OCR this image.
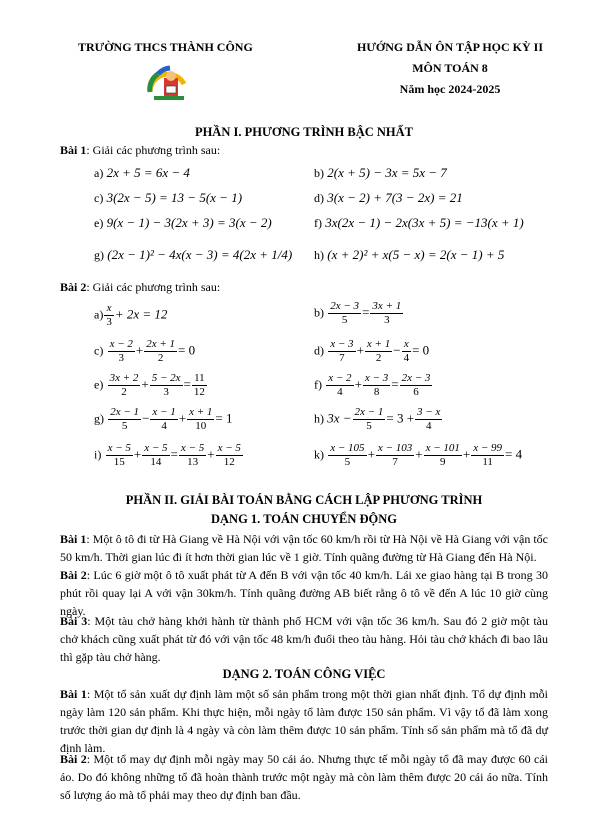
TRƯỜNG THCS THÀNH CÔNG	HƯỚNG DẪN ÔN TẬP HỌC KỲ II
MÔN TOÁN 8
Năm học 2024-2025
PHẦN I. PHƯƠNG TRÌNH BẬC NHẤT
Bài 1: Giải các phương trình sau:
a) 2x + 5 = 6x − 4	b) 2(x + 5) − 3x = 5x − 7
c) 3(2x − 5) = 13 − 5(x − 1)	d) 3(x − 2) + 7(3 − 2x) = 21
e) 9(x − 1) − 3(2x + 3) = 3(x − 2)	f) 3x(2x − 1) − 2x(3x + 5) = −13(x + 1)
g) (2x − 1)² − 4x(x − 3) = 4(2x + 1/4) h) (x + 2)² + x(5 − x) = 2(x − 1) + 5
Bài 2: Giải các phương trình sau:
$a) \frac{x}{3} + 2x = 12$	$b) \frac{2x - 3}{5} = \frac{3x + 1}{3}$
$c) \frac{x - 2}{3} + \frac{2x + 1}{2} = 0$	$d) \frac{x - 3}{7} + \frac{x + 1}{2} - \frac{x}{4} = 0$
$e) \frac{3x + 2}{2} + \frac{5 - 2x}{3} = \frac{11}{12}$	$f) \frac{x - 2}{4} + \frac{x - 3}{8} = \frac{2x - 3}{6}$
$g) \frac{2x - 1}{5} - \frac{x - 1}{4} + \frac{x + 1}{10} = 1$	h) $3x - \frac{2x - 1}{5} = 3 + \frac{3 - x}{4}$
$i) \frac{x - 5}{15} + \frac{x - 5}{14} = \frac{x - 5}{13} + \frac{x - 5}{12}$	$k) \frac{x - 105}{5} + \frac{x - 103}{7} + \frac{x - 101}{9} + \frac{x - 99}{11} = 4$
PHẦN II. GIẢI BÀI TOÁN BẰNG CÁCH LẬP PHƯƠNG TRÌNH
DẠNG 1. TOÁN CHUYỂN ĐỘNG
Bài 1: Một ô tô đi từ Hà Giang về Hà Nội với vận tốc 60 km/h rồi từ Hà Nội về Hà Giang với vận tốc 50 km/h. Thời gian lúc đi ít hơn thời gian lúc về 1 giờ. Tính quãng đường từ Hà Giang đến Hà Nội.
Bài 2: Lúc 6 giờ một ô tô xuất phát từ A đến B với vận tốc 40 km/h. Lái xe giao hàng tại B trong 30 phút rồi quay lại A với vận 30km/h. Tính quãng đường AB biết rằng ô tô về đến A lúc 10 giờ cùng ngày.
Bài 3: Một tàu chở hàng khởi hành từ thành phố HCM với vận tốc 36 km/h. Sau đó 2 giờ một tàu chở khách cũng xuất phát từ đó với vận tốc 48 km/h đuổi theo tàu hàng. Hỏi tàu chở khách đi bao lâu thì gặp tàu chở hàng.
DẠNG 2. TOÁN CÔNG VIỆC
Bài 1: Một tổ sản xuất dự định làm một số sản phẩm trong một thời gian nhất định. Tổ dự định mỗi ngày làm 120 sản phẩm. Khi thực hiện, mỗi ngày tổ làm được 150 sản phẩm. Vì vậy tổ đã làm xong trước thời gian dự định là 4 ngày và còn làm thêm được 10 sản phẩm. Tính số sản phẩm mà tổ đã dự định làm.
Bài 2: Một tổ may dự định mỗi ngày may 50 cái áo. Nhưng thực tế mỗi ngày tổ đã may được 60 cái áo. Do đó không những tổ đã hoàn thành trước một ngày mà còn làm thêm được 20 cái áo nữa. Tính số lượng áo mà tổ phải may theo dự định ban đầu.
